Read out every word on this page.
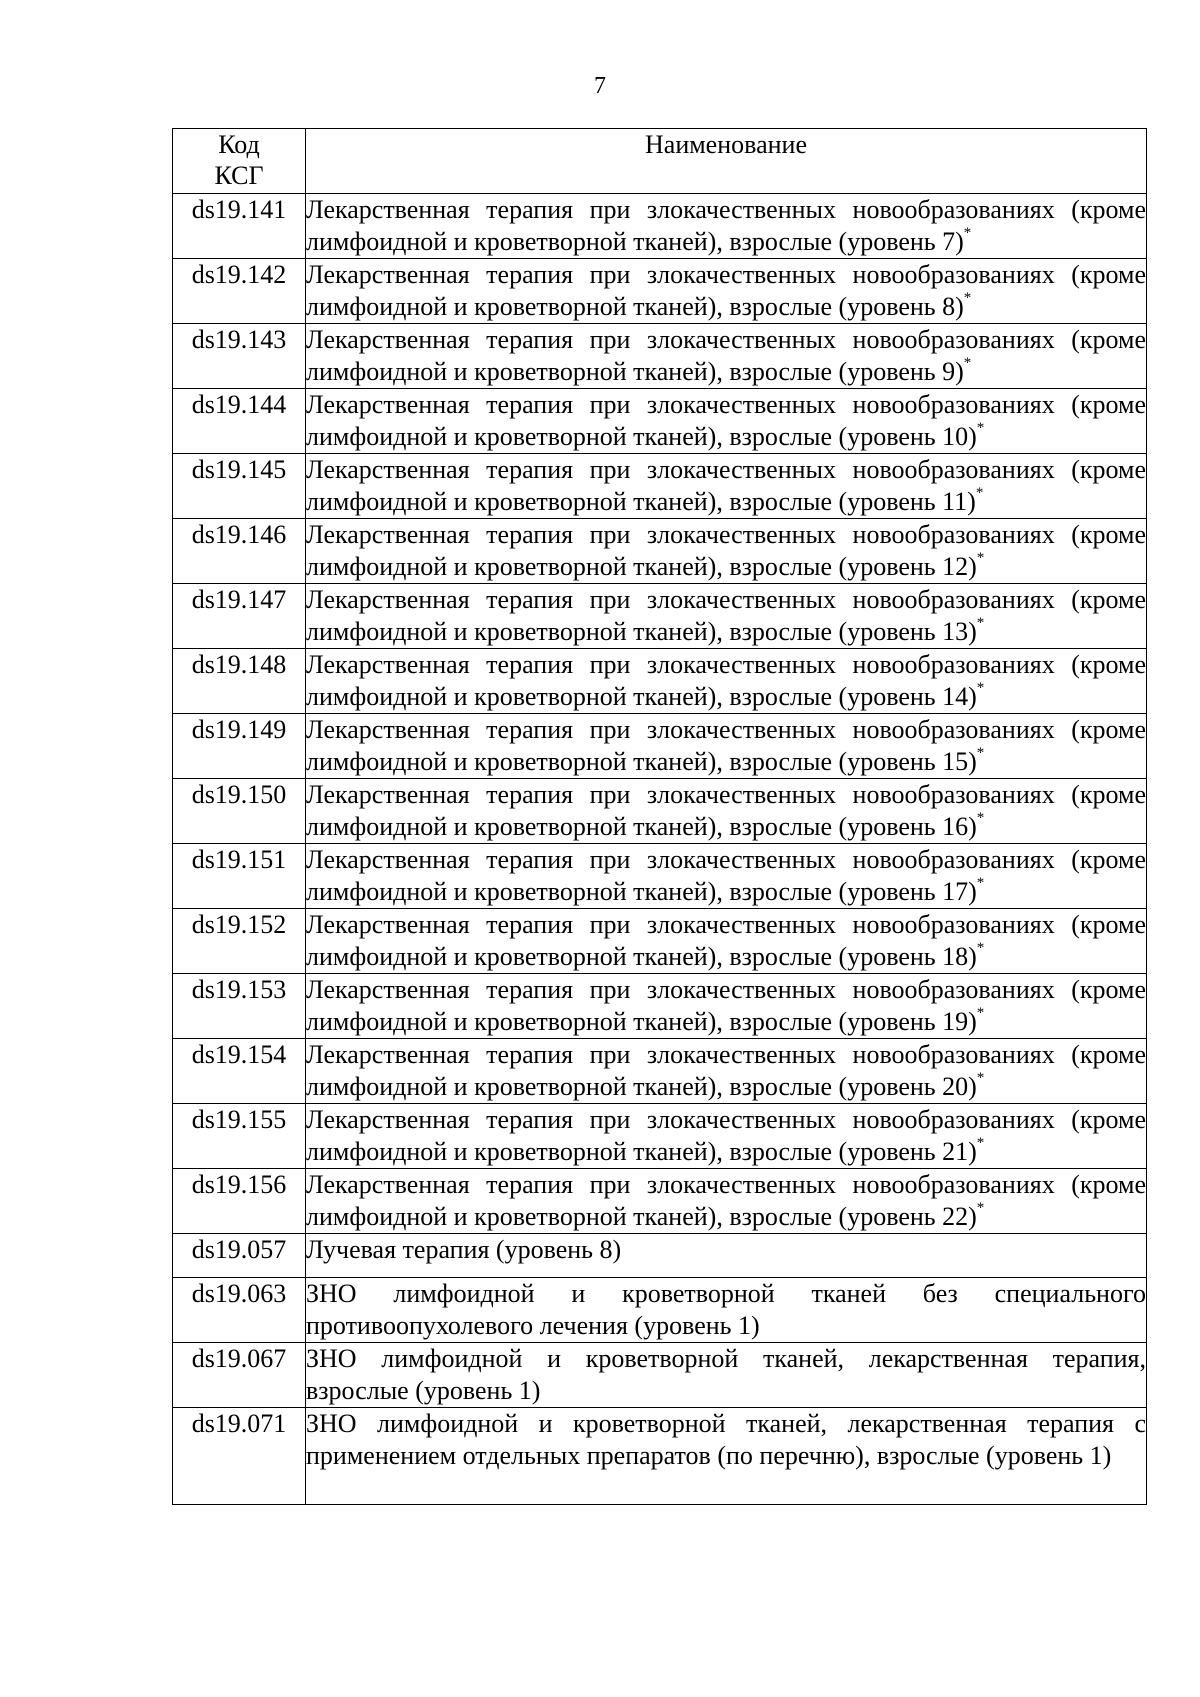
7
Код
КСГ	Наименование
ds19.141	Лекарственная терапия при злокачественных новообразованиях (кроме лимфоидной и кроветворной тканей), взрослые (уровень 7)*
ds19.142	Лекарственная терапия при злокачественных новообразованиях (кроме лимфоидной и кроветворной тканей), взрослые (уровень 8)*
ds19.143	Лекарственная терапия при злокачественных новообразованиях (кроме лимфоидной и кроветворной тканей), взрослые (уровень 9)*
ds19.144	Лекарственная терапия при злокачественных новообразованиях (кроме лимфоидной и кроветворной тканей), взрослые (уровень 10)*
ds19.145	Лекарственная терапия при злокачественных новообразованиях (кроме лимфоидной и кроветворной тканей), взрослые (уровень 11)*
ds19.146	Лекарственная терапия при злокачественных новообразованиях (кроме лимфоидной и кроветворной тканей), взрослые (уровень 12)*
ds19.147	Лекарственная терапия при злокачественных новообразованиях (кроме лимфоидной и кроветворной тканей), взрослые (уровень 13)*
ds19.148	Лекарственная терапия при злокачественных новообразованиях (кроме лимфоидной и кроветворной тканей), взрослые (уровень 14)*
ds19.149	Лекарственная терапия при злокачественных новообразованиях (кроме лимфоидной и кроветворной тканей), взрослые (уровень 15)*
ds19.150	Лекарственная терапия при злокачественных новообразованиях (кроме лимфоидной и кроветворной тканей), взрослые (уровень 16)*
ds19.151	Лекарственная терапия при злокачественных новообразованиях (кроме лимфоидной и кроветворной тканей), взрослые (уровень 17)*
ds19.152	Лекарственная терапия при злокачественных новообразованиях (кроме лимфоидной и кроветворной тканей), взрослые (уровень 18)*
ds19.153	Лекарственная терапия при злокачественных новообразованиях (кроме лимфоидной и кроветворной тканей), взрослые (уровень 19)*
ds19.154	Лекарственная терапия при злокачественных новообразованиях (кроме лимфоидной и кроветворной тканей), взрослые (уровень 20)*
ds19.155	Лекарственная терапия при злокачественных новообразованиях (кроме лимфоидной и кроветворной тканей), взрослые (уровень 21)*
ds19.156	Лекарственная терапия при злокачественных новообразованиях (кроме лимфоидной и кроветворной тканей), взрослые (уровень 22)*
ds19.057	Лучевая терапия (уровень 8)
ds19.063	ЗНО лимфоидной и кроветворной тканей без специального противоопухолевого лечения (уровень 1)
ds19.067	ЗНО лимфоидной и кроветворной тканей, лекарственная терапия, взрослые (уровень 1)
ds19.071	ЗНО лимфоидной и кроветворной тканей, лекарственная терапия с применением отдельных препаратов (по перечню), взрослые (уровень 1)
